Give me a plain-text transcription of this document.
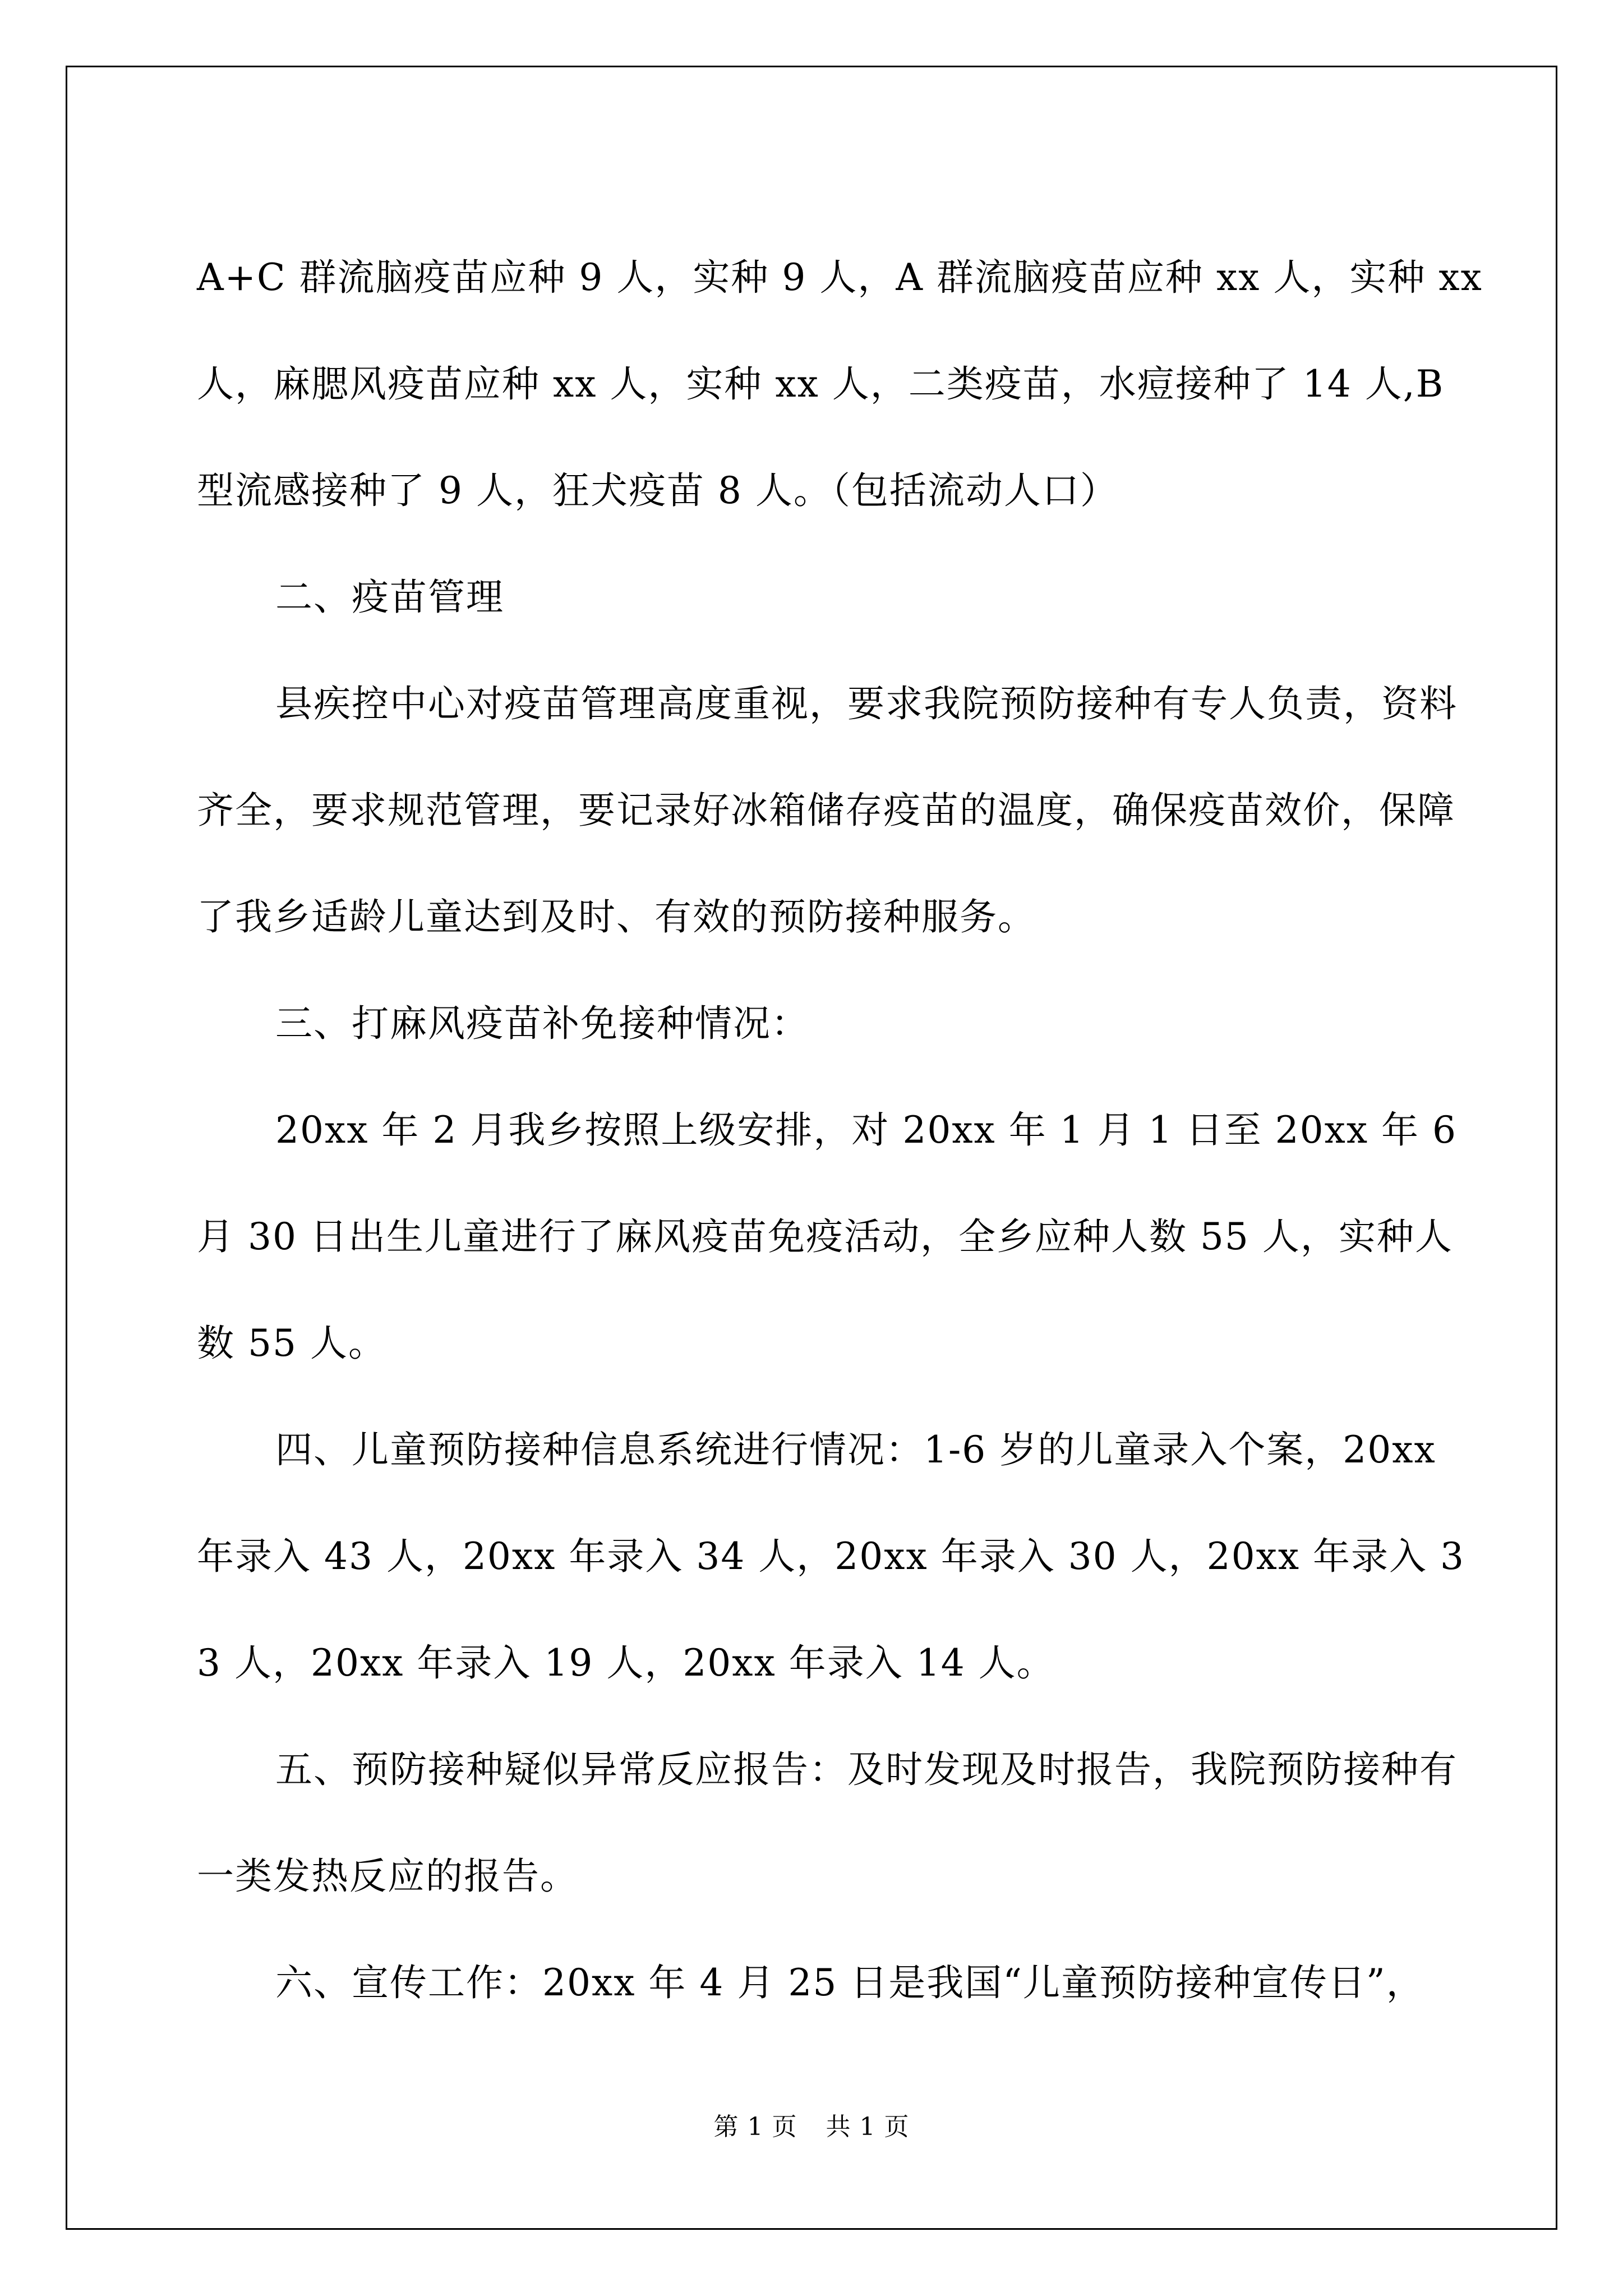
A+C 群流脑疫苗应种 9 人，实种 9 人，A 群流脑疫苗应种 xx 人，实种 xx 人，麻腮风疫苗应种 xx 人，实种 xx 人，二类疫苗，水痘接种了 14 人,B 型流感接种了 9 人，狂犬疫苗 8 人。（包括流动人口）

二、疫苗管理

县疾控中心对疫苗管理高度重视，要求我院预防接种有专人负责，资料齐全，要求规范管理，要记录好冰箱储存疫苗的温度，确保疫苗效价，保障了我乡适龄儿童达到及时、有效的预防接种服务。

三、打麻风疫苗补免接种情况：

20xx 年 2 月我乡按照上级安排，对 20xx 年 1 月 1 日至 20xx 年 6 月 30 日出生儿童进行了麻风疫苗免疫活动，全乡应种人数 55 人，实种人数 55 人。

四、儿童预防接种信息系统进行情况：1-6 岁的儿童录入个案，20xx 年录入 43 人，20xx 年录入 34 人，20xx 年录入 30 人，20xx 年录入 33 人，20xx 年录入 19 人，20xx 年录入 14 人。

五、预防接种疑似异常反应报告：及时发现及时报告，我院预防接种有一类发热反应的报告。

六、宣传工作：20xx 年 4 月 25 日是我国“儿童预防接种宣传日”，

第 1 页 共 1 页
